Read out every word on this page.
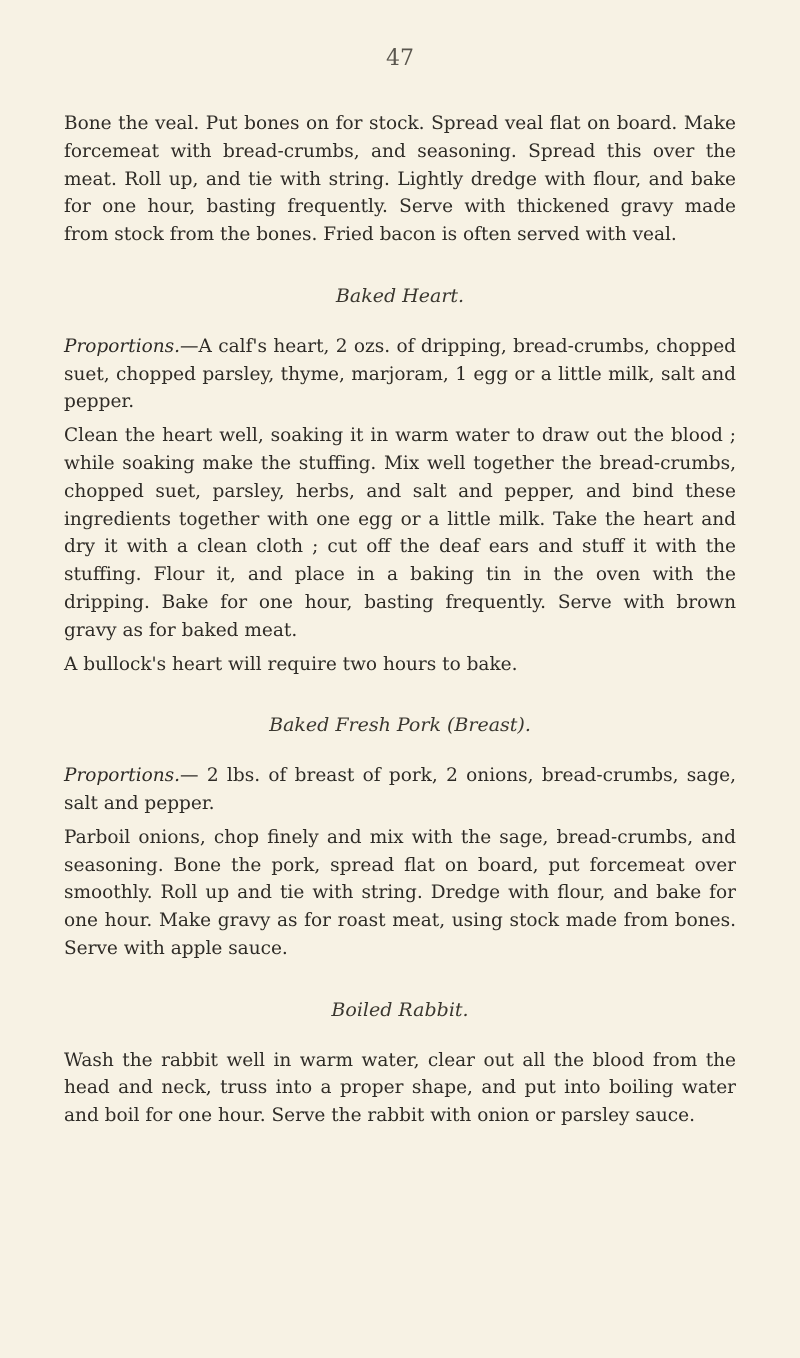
47

Bone the veal. Put bones on for stock. Spread veal flat on board. Make forcemeat with bread-crumbs, and seasoning. Spread this over the meat. Roll up, and tie with string. Lightly dredge with flour, and bake for one hour, basting frequently. Serve with thickened gravy made from stock from the bones. Fried bacon is often served with veal.

Baked Heart.

Proportions.—A calf's heart, 2 ozs. of dripping, bread-crumbs, chopped suet, chopped parsley, thyme, marjoram, 1 egg or a little milk, salt and pepper.

Clean the heart well, soaking it in warm water to draw out the blood ; while soaking make the stuffing. Mix well together the bread-crumbs, chopped suet, parsley, herbs, and salt and pepper, and bind these ingredients together with one egg or a little milk. Take the heart and dry it with a clean cloth ; cut off the deaf ears and stuff it with the stuffing. Flour it, and place in a baking tin in the oven with the dripping. Bake for one hour, basting frequently. Serve with brown gravy as for baked meat.

A bullock's heart will require two hours to bake.

Baked Fresh Pork (Breast).

Proportions.— 2 lbs. of breast of pork, 2 onions, bread-crumbs, sage, salt and pepper.

Parboil onions, chop finely and mix with the sage, bread-crumbs, and seasoning. Bone the pork, spread flat on board, put forcemeat over smoothly. Roll up and tie with string. Dredge with flour, and bake for one hour. Make gravy as for roast meat, using stock made from bones. Serve with apple sauce.

Boiled Rabbit.

Wash the rabbit well in warm water, clear out all the blood from the head and neck, truss into a proper shape, and put into boiling water and boil for one hour. Serve the rabbit with onion or parsley sauce.
